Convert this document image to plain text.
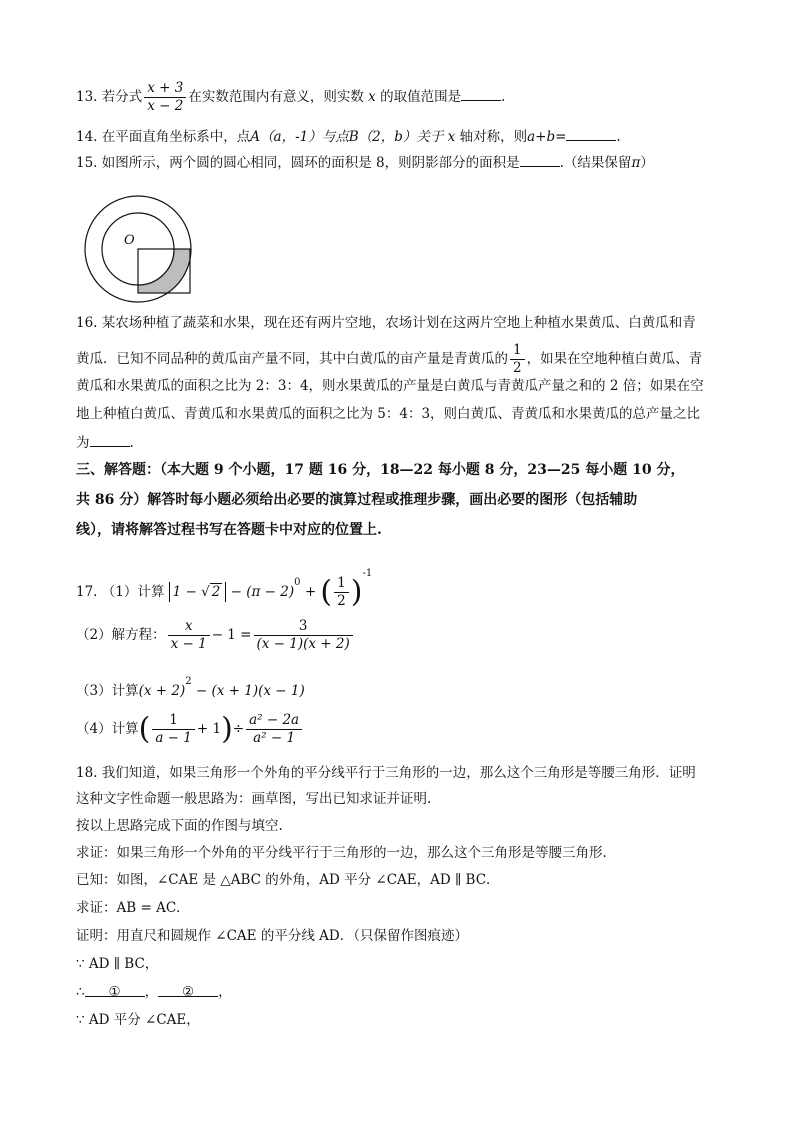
13. 若分式 $\frac{x + 3}{x - 2}$ 在实数范围内有意义，则实数 x 的取值范围是	.
14. 在平面直角坐标系中，点A（a，-1）与点B（2，b）关于 x 轴对称，则a+b=	.
15. 如图所示，两个圆的圆心相同，圆环的面积是 8，则阴影部分的面积是	.（结果保留π）
O
16. 某农场种植了蔬菜和水果，现在还有两片空地，农场计划在这两片空地上种植水果黄瓜、白黄瓜和青
黄瓜．已知不同品种的黄瓜亩产量不同，其中白黄瓜的亩产量是青黄瓜的 $\frac{1}{2}$ ，如果在空地种植白黄瓜、青
黄瓜和水果黄瓜的面积之比为 2：3：4，则水果黄瓜的产量是白黄瓜与青黄瓜产量之和的 2 倍；如果在空
地上种植白黄瓜、青黄瓜和水果黄瓜的面积之比为 5：4：3，则白黄瓜、青黄瓜和水果黄瓜的总产量之比
为	.
三、解答题：（本大题 9 个小题，17 题 16 分，18—22 每小题 8 分，23—25 每小题 10 分，
共 86 分）解答时每小题必须给出必要的演算过程或推理步骤，画出必要的图形（包括辅助
线），请将解答过程书写在答题卡中对应的位置上.
17. （1）计算 1 − √ $2 - (\pi - 2)^0$ + ( $\frac{1}{2} )^{-1}$
（2）解方程： $\frac{x}{x - 1} - 1 = \frac{3}{(x - 1)(x + 2)}$
（3）计算$(x + 2)^2 - (x + 1)(x - 1)$
（4）计算( $\frac{1}{a - 1} + 1)\div \frac{\text{a² − 2a}}{\text{a² − 1}}$
18. 我们知道，如果三角形一个外角的平分线平行于三角形的一边，那么这个三角形是等腰三角形．证明
这种文字性命题一般思路为：画草图，写出已知求证并证明.
按以上思路完成下面的作图与填空.
求证：如果三角形一个外角的平分线平行于三角形的一边，那么这个三角形是等腰三角形.
已知：如图，∠CAE 是 △ABC 的外角，AD 平分 ∠CAE，AD ∥ BC．
求证：AB = AC．
证明：用直尺和圆规作 ∠CAE 的平分线 AD．（只保留作图痕迹）
∵ AD ∥ BC，
∴ ① ， ② ，
∵ AD 平分 ∠CAE，
